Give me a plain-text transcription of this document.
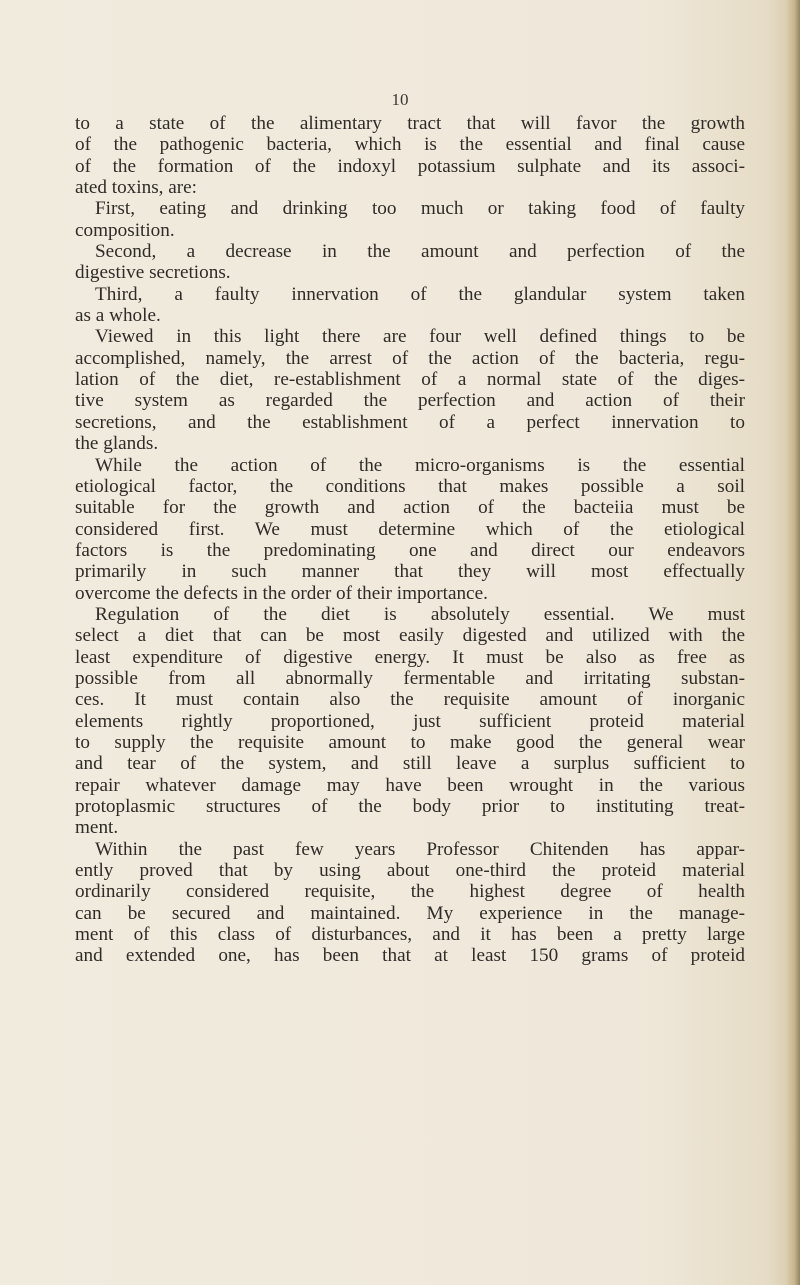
10

to a state of the alimentary tract that will favor the growth
of the pathogenic bacteria, which is the essential and final cause
of the formation of the indoxyl potassium sulphate and its associ-
ated toxins, are:
First, eating and drinking too much or taking food of faulty
composition.
Second, a decrease in the amount and perfection of the
digestive secretions.
Third, a faulty innervation of the glandular system taken
as a whole.
Viewed in this light there are four well defined things to be
accomplished, namely, the arrest of the action of the bacteria, regu-
lation of the diet, re-establishment of a normal state of the diges-
tive system as regarded the perfection and action of their
secretions, and the establishment of a perfect innervation to
the glands.
While the action of the micro-organisms is the essential
etiological factor, the conditions that makes possible a soil
suitable for the growth and action of the bacteiia must be
considered first. We must determine which of the etiological
factors is the predominating one and direct our endeavors
primarily in such manner that they will most effectually
overcome the defects in the order of their importance.
Regulation of the diet is absolutely essential. We must
select a diet that can be most easily digested and utilized with the
least expenditure of digestive energy. It must be also as free as
possible from all abnormally fermentable and irritating substan-
ces. It must contain also the requisite amount of inorganic
elements rightly proportioned, just sufficient proteid material
to supply the requisite amount to make good the general wear
and tear of the system, and still leave a surplus sufficient to
repair whatever damage may have been wrought in the various
protoplasmic structures of the body prior to instituting treat-
ment.
Within the past few years Professor Chitenden has appar-
ently proved that by using about one-third the proteid material
ordinarily considered requisite, the highest degree of health
can be secured and maintained. My experience in the manage-
ment of this class of disturbances, and it has been a pretty large
and extended one, has been that at least 150 grams of proteid
